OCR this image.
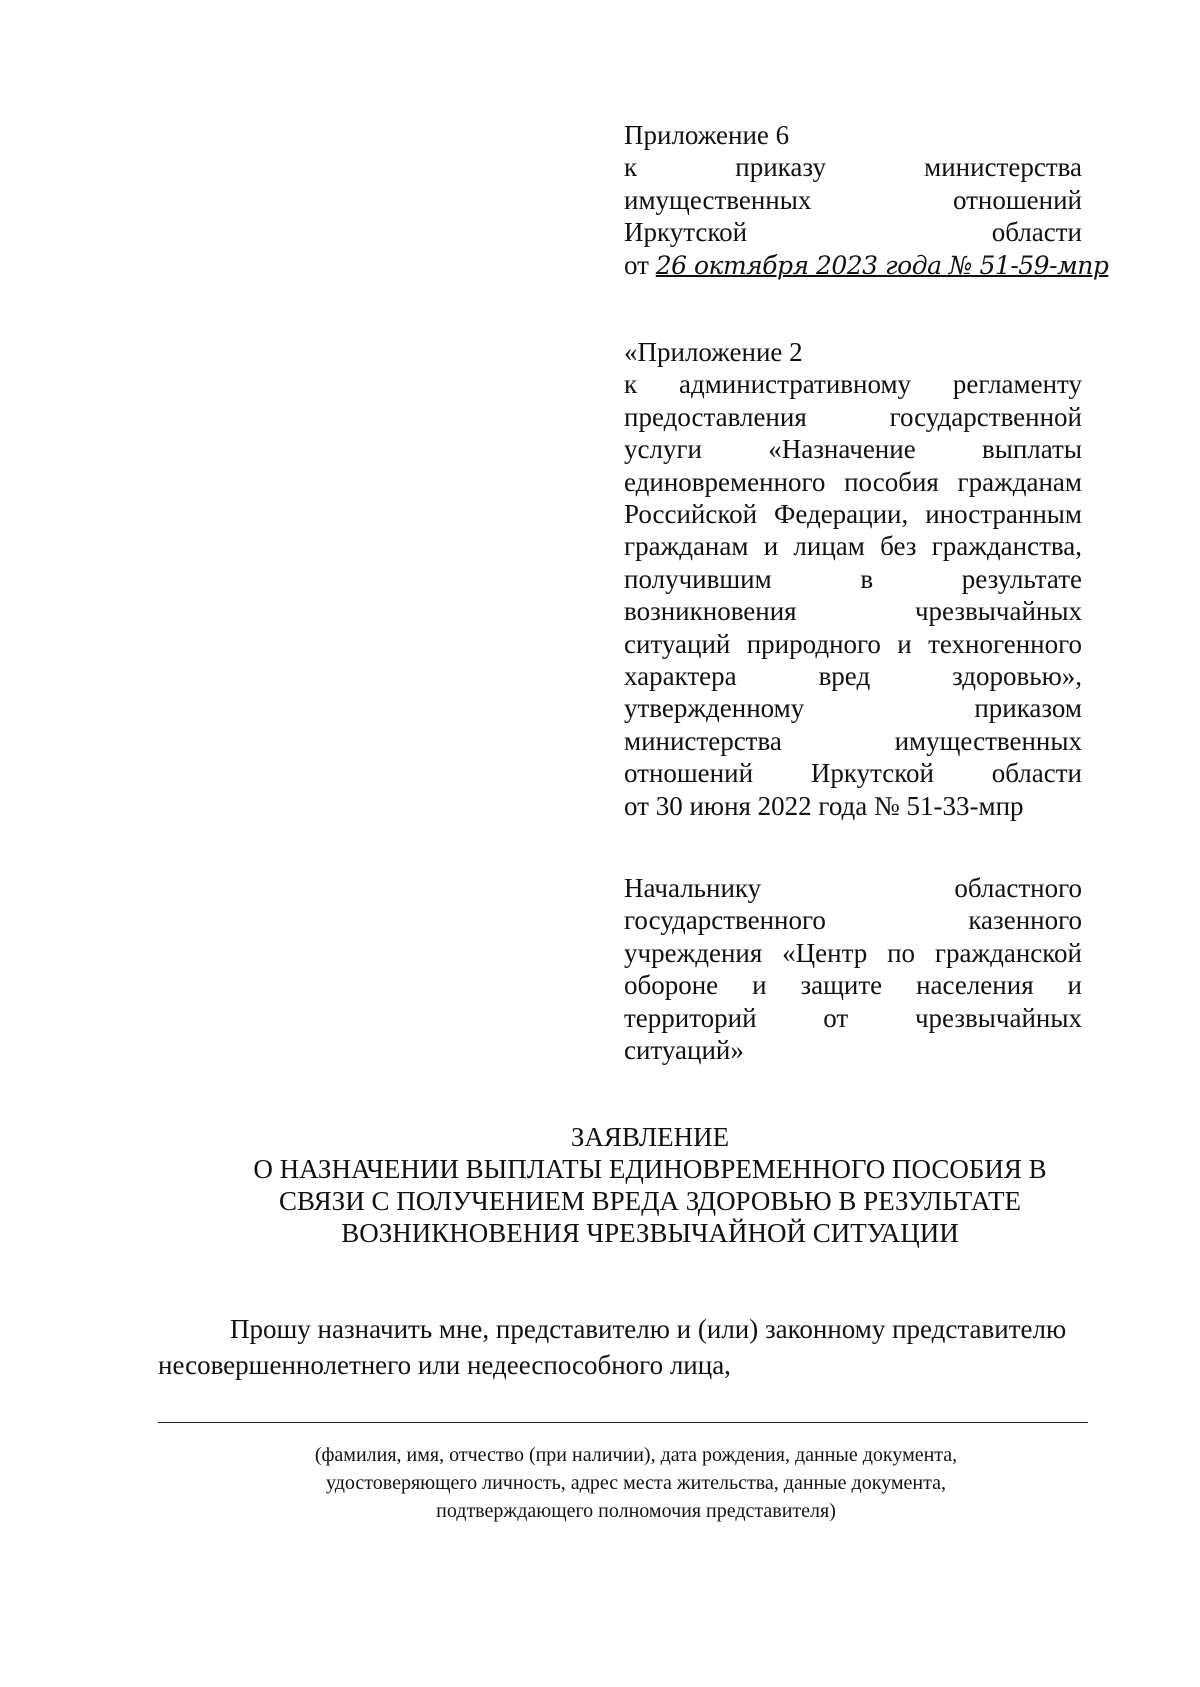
Приложение 6
к приказу министерства
имущественных отношений
Иркутской области
от 26 октября 2023 года № 51-59-мпр
«Приложение 2
к административному регламенту
предоставления государственной
услуги «Назначение выплаты
единовременного пособия гражданам
Российской Федерации, иностранным
гражданам и лицам без гражданства,
получившим в результате
возникновения чрезвычайных
ситуаций природного и техногенного
характера вред здоровью»,
утвержденному приказом
министерства имущественных
отношений Иркутской области
от 30 июня 2022 года № 51-33-мпр
Начальнику областного
государственного казенного
учреждения «Центр по гражданской
обороне и защите населения и
территорий от чрезвычайных
ситуаций»
ЗАЯВЛЕНИЕ
О НАЗНАЧЕНИИ ВЫПЛАТЫ ЕДИНОВРЕМЕННОГО ПОСОБИЯ В
СВЯЗИ С ПОЛУЧЕНИЕМ ВРЕДА ЗДОРОВЬЮ В РЕЗУЛЬТАТЕ
ВОЗНИКНОВЕНИЯ ЧРЕЗВЫЧАЙНОЙ СИТУАЦИИ
Прошу назначить мне, представителю и (или) законному представителю
несовершеннолетнего или недееспособного лица,
(фамилия, имя, отчество (при наличии), дата рождения, данные документа,
удостоверяющего личность, адрес места жительства, данные документа,
подтверждающего полномочия представителя)
